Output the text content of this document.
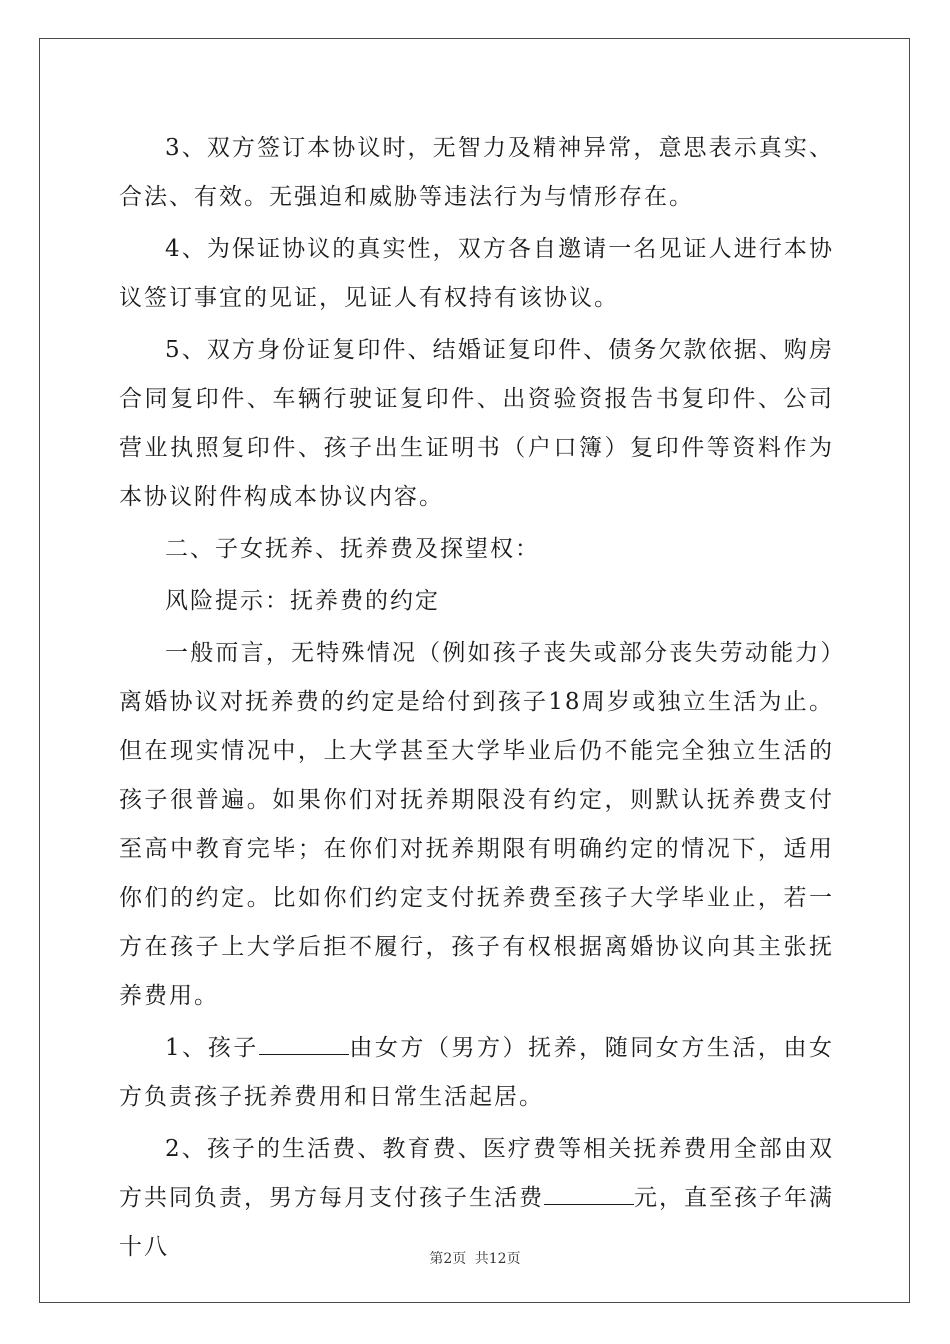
3、双方签订本协议时，无智力及精神异常，意思表示真实、合法、有效。无强迫和威胁等违法行为与情形存在。

4、为保证协议的真实性，双方各自邀请一名见证人进行本协议签订事宜的见证，见证人有权持有该协议。

5、双方身份证复印件、结婚证复印件、债务欠款依据、购房合同复印件、车辆行驶证复印件、出资验资报告书复印件、公司营业执照复印件、孩子出生证明书（户口簿）复印件等资料作为本协议附件构成本协议内容。

二、子女抚养、抚养费及探望权：

风险提示：抚养费的约定

一般而言，无特殊情况（例如孩子丧失或部分丧失劳动能力）离婚协议对抚养费的约定是给付到孩子18周岁或独立生活为止。但在现实情况中，上大学甚至大学毕业后仍不能完全独立生活的孩子很普遍。如果你们对抚养期限没有约定，则默认抚养费支付至高中教育完毕；在你们对抚养期限有明确约定的情况下，适用你们的约定。比如你们约定支付抚养费至孩子大学毕业止，若一方在孩子上大学后拒不履行，孩子有权根据离婚协议向其主张抚养费用。

1、孩子	由女方（男方）抚养，随同女方生活，由女方负责孩子抚养费用和日常生活起居。

2、孩子的生活费、教育费、医疗费等相关抚养费用全部由双方共同负责，男方每月支付孩子生活费	元，直至孩子年满十八	第2页 共12页
